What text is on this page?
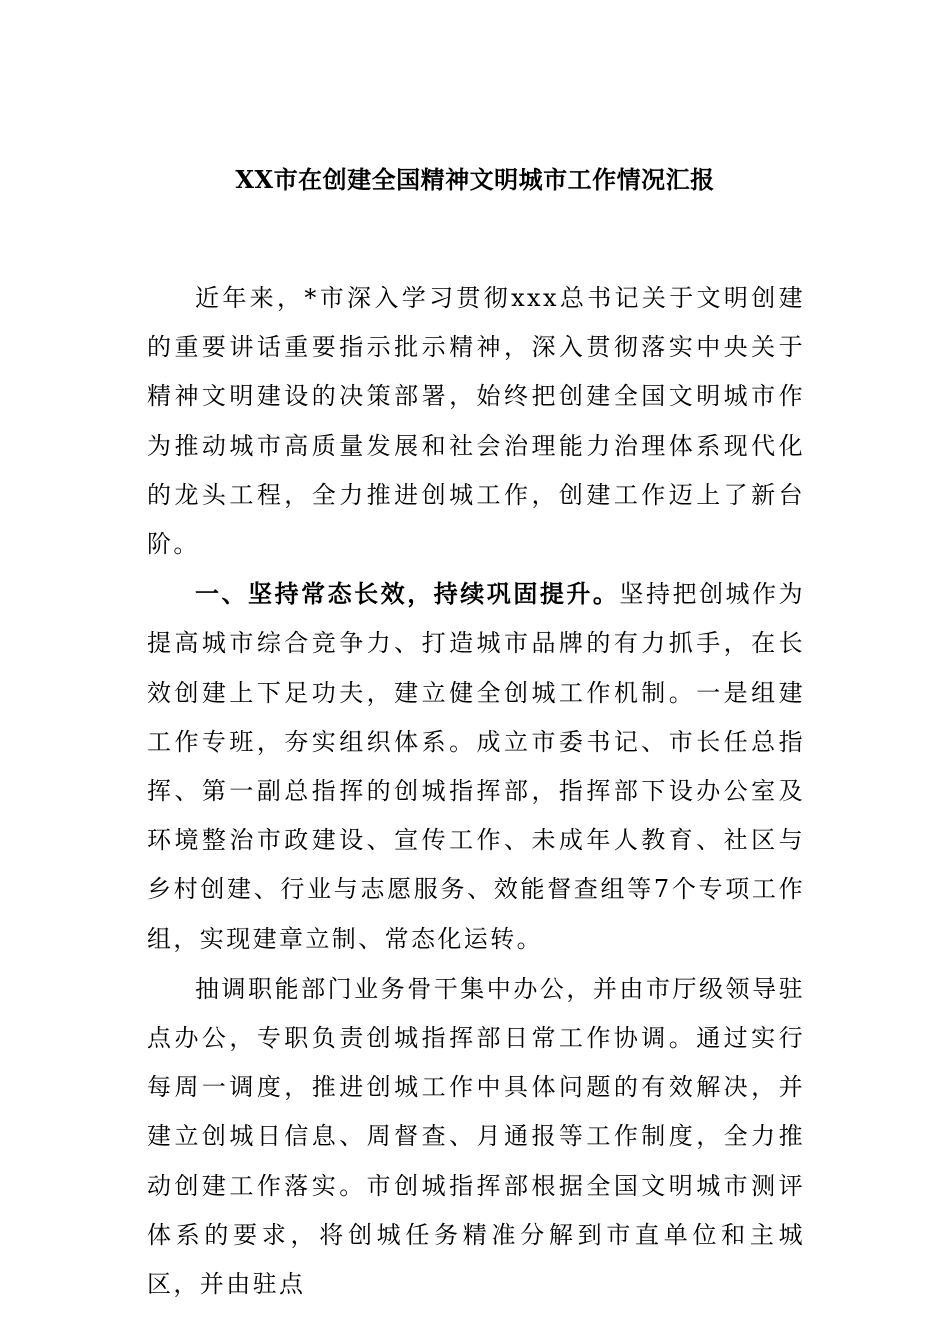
XX市在创建全国精神文明城市工作情况汇报

近年来，*市深入学习贯彻xxx总书记关于文明创建的重要讲话重要指示批示精神，深入贯彻落实中央关于精神文明建设的决策部署，始终把创建全国文明城市作为推动城市高质量发展和社会治理能力治理体系现代化的龙头工程，全力推进创城工作，创建工作迈上了新台阶。

一、坚持常态长效，持续巩固提升。坚持把创城作为提高城市综合竞争力、打造城市品牌的有力抓手，在长效创建上下足功夫，建立健全创城工作机制。一是组建工作专班，夯实组织体系。成立市委书记、市长任总指挥、第一副总指挥的创城指挥部，指挥部下设办公室及环境整治市政建设、宣传工作、未成年人教育、社区与乡村创建、行业与志愿服务、效能督查组等7个专项工作组，实现建章立制、常态化运转。

抽调职能部门业务骨干集中办公，并由市厅级领导驻点办公，专职负责创城指挥部日常工作协调。通过实行每周一调度，推进创城工作中具体问题的有效解决，并建立创城日信息、周督查、月通报等工作制度，全力推动创建工作落实。市创城指挥部根据全国文明城市测评体系的要求，将创城任务精准分解到市直单位和主城区，并由驻点
